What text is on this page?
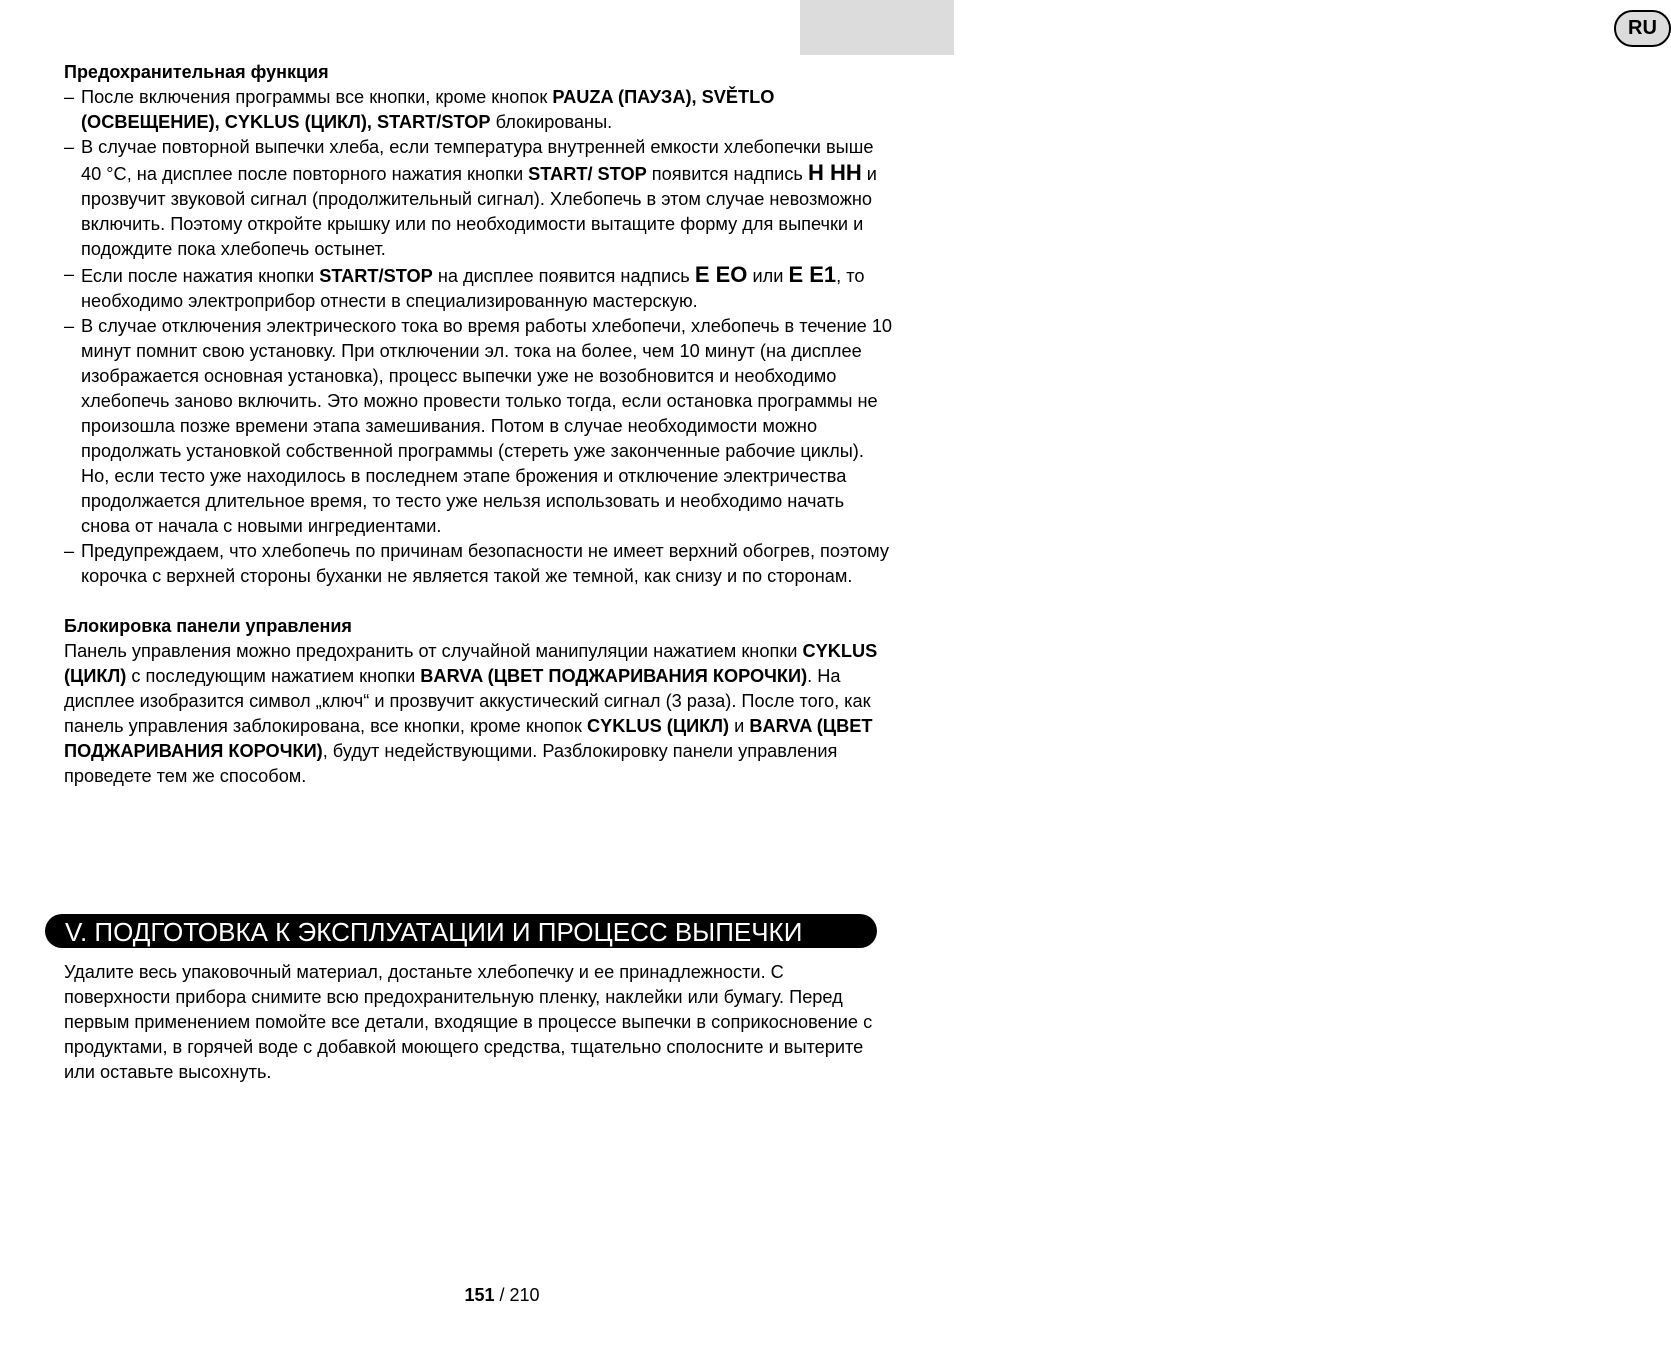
RU

Предохранительная функция

– После включения программы все кнопки, кроме кнопок PAUZA (ПАУЗА), SVĚTLO (ОСВЕЩЕНИЕ), CYKLUS (ЦИКЛ), START/STOP блокированы.
– В случае повторной выпечки хлеба, если температура внутренней емкости хлебопечки выше 40 °C, на дисплее после повторного нажатия кнопки START/ STOP появится надпись H HH и прозвучит звуковой сигнал (продолжительный сигнал). Хлебопечь в этом случае невозможно включить. Поэтому откройте крышку или по необходимости вытащите форму для выпечки и подождите пока хлебопечь остынет.
– Если после нажатия кнопки START/STOP на дисплее появится надпись E EO или E E1, то необходимо электроприбор отнести в специализированную мастерскую.
– В случае отключения электрического тока во время работы хлебопечи, хлебопечь в течение 10 минут помнит свою установку. При отключении эл. тока на более, чем 10 минут (на дисплее изображается основная установка), процесс выпечки уже не возобновится и необходимо хлебопечь заново включить. Это можно провести только тогда, если остановка программы не произошла позже времени этапа замешивания. Потом в случае необходимости можно продолжать установкой собственной программы (стереть уже законченные рабочие циклы). Но, если тесто уже находилось в последнем этапе брожения и отключение электричества продолжается длительное время, то тесто уже нельзя использовать и необходимо начать снова от начала с новыми ингредиентами.
– Предупреждаем, что хлебопечь по причинам безопасности не имеет верхний обогрев, поэтому корочка с верхней стороны буханки не является такой же темной, как снизу и по сторонам.

Блокировка панели управления

Панель управления можно предохранить от случайной манипуляции нажатием кнопки CYKLUS (ЦИКЛ) с последующим нажатием кнопки BARVA (ЦВЕТ ПОДЖАРИВАНИЯ КОРОЧКИ). На дисплее изобразится символ „ключ“ и прозвучит аккустический сигнал (3 раза). После того, как панель управления заблокирована, все кнопки, кроме кнопок CYKLUS (ЦИКЛ) и BARVA (ЦВЕТ ПОДЖАРИВАНИЯ КОРОЧКИ), будут недействующими. Разблокировку панели управления проведете тем же способом.

V. ПОДГОТОВКА К ЭКСПЛУАТАЦИИ И ПРОЦЕСС ВЫПЕЧКИ

Удалите весь упаковочный материал, достаньте хлебопечку и ее принадлежности. С поверхности прибора снимите всю предохранительную пленку, наклейки или бумагу. Перед первым применением помойте все детали, входящие в процессе выпечки в соприкосновение с продуктами, в горячей воде с добавкой моющего средства, тщательно сполосните и вытерите или оставьте высохнуть.

151 / 210
